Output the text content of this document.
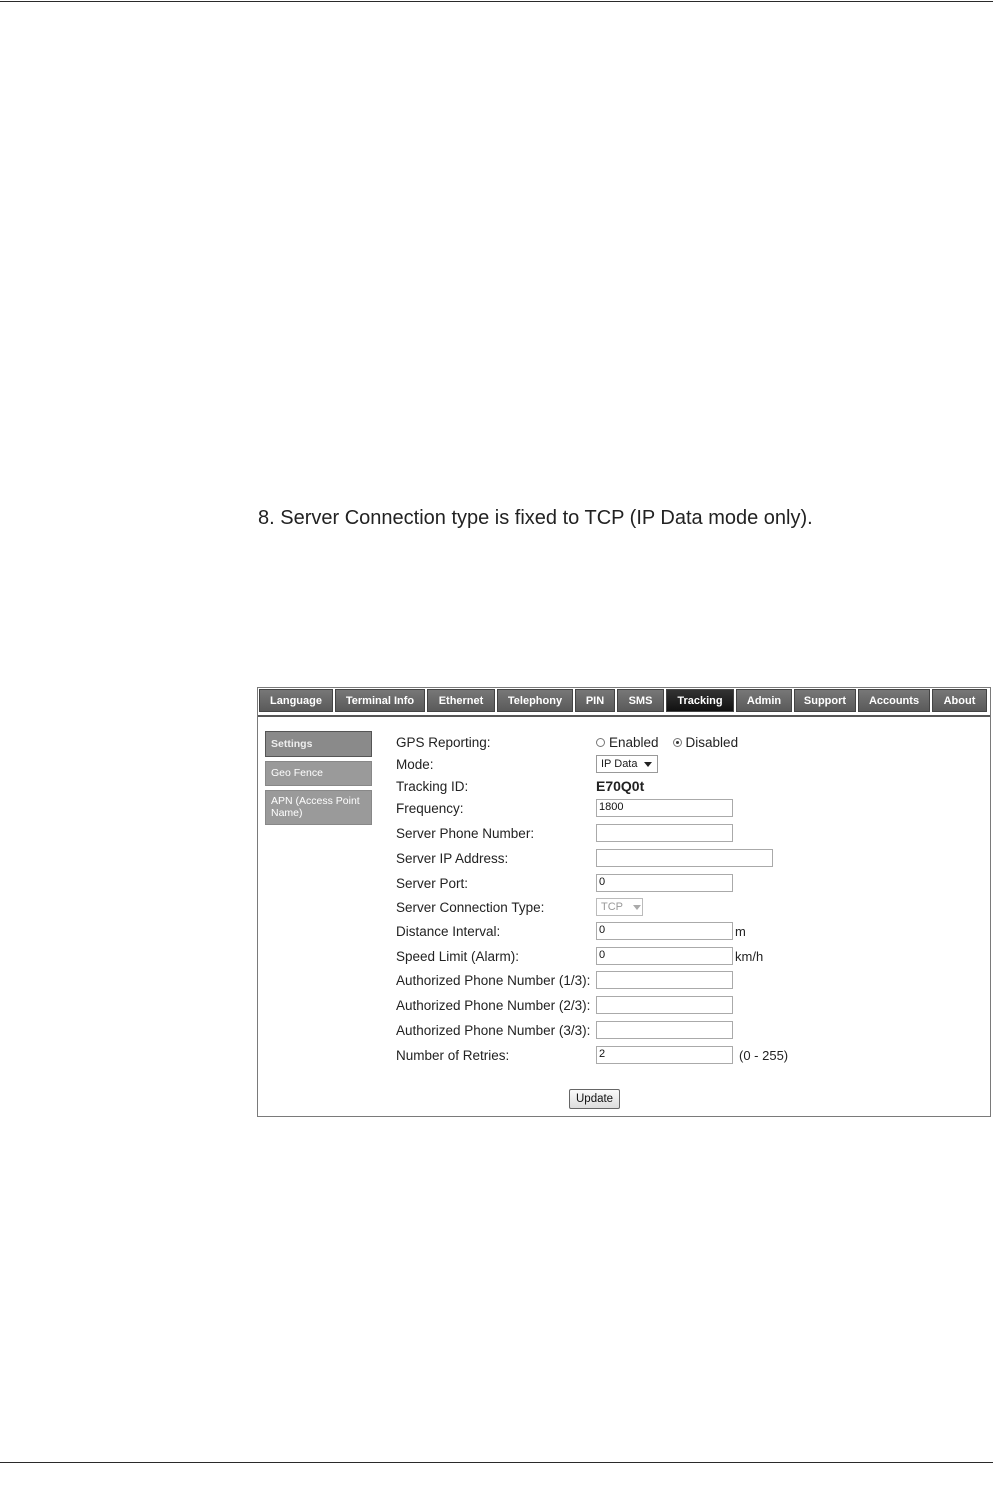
8. Server Connection type is fixed to TCP (IP Data mode only).
Language	Terminal Info	Ethernet	Telephony	PIN	SMS	Tracking	Admin	Support	Accounts	About
Settings
Geo Fence
APN (Access Point Name)
GPS Reporting:	Enabled Disabled
Mode:	IP Data
Tracking ID:	E70Q0t
Frequency:	1800
Server Phone Number:
Server IP Address:
Server Port:	0
Server Connection Type:	TCP
Distance Interval:	0	m
Speed Limit (Alarm):	0	km/h
Authorized Phone Number (1/3):
Authorized Phone Number (2/3):
Authorized Phone Number (3/3):
Number of Retries:	2	(0 - 255)
Update
